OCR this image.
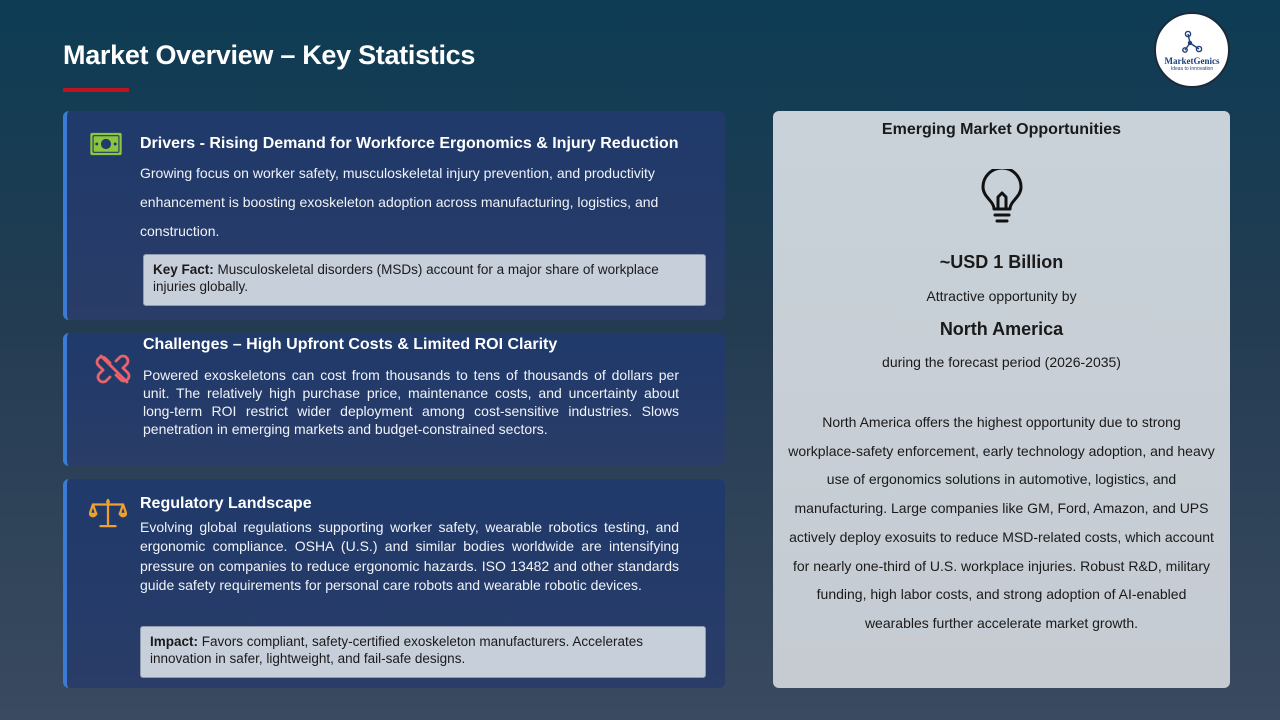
Market Overview – Key Statistics	MarketGenics
Ideas to Innovation
Drivers - Rising Demand for Workforce Ergonomics & Injury Reduction

Growing focus on worker safety, musculoskeletal injury prevention, and productivity enhancement is boosting exoskeleton adoption across manufacturing, logistics, and construction.

Key Fact: Musculoskeletal disorders (MSDs) account for a major share of workplace injuries globally.
Challenges – High Upfront Costs & Limited ROI Clarity

Powered exoskeletons can cost from thousands to tens of thousands of dollars per unit. The relatively high purchase price, maintenance costs, and uncertainty about long-term ROI restrict wider deployment among cost-sensitive industries. Slows penetration in emerging markets and budget-constrained sectors.

Regulatory Landscape

Evolving global regulations supporting worker safety, wearable robotics testing, and ergonomic compliance. OSHA (U.S.) and similar bodies worldwide are intensifying pressure on companies to reduce ergonomic hazards. ISO 13482 and other standards guide safety requirements for personal care robots and wearable robotic devices.

Impact: Favors compliant, safety-certified exoskeleton manufacturers. Accelerates innovation in safer, lightweight, and fail-safe designs.
Emerging Market Opportunities
~USD 1 Billion
Attractive opportunity by
North America
during the forecast period (2026-2035)
North America offers the highest opportunity due to strong workplace-safety enforcement, early technology adoption, and heavy use of ergonomics solutions in automotive, logistics, and manufacturing. Large companies like GM, Ford, Amazon, and UPS actively deploy exosuits to reduce MSD-related costs, which account for nearly one-third of U.S. workplace injuries. Robust R&D, military funding, high labor costs, and strong adoption of AI-enabled wearables further accelerate market growth.
